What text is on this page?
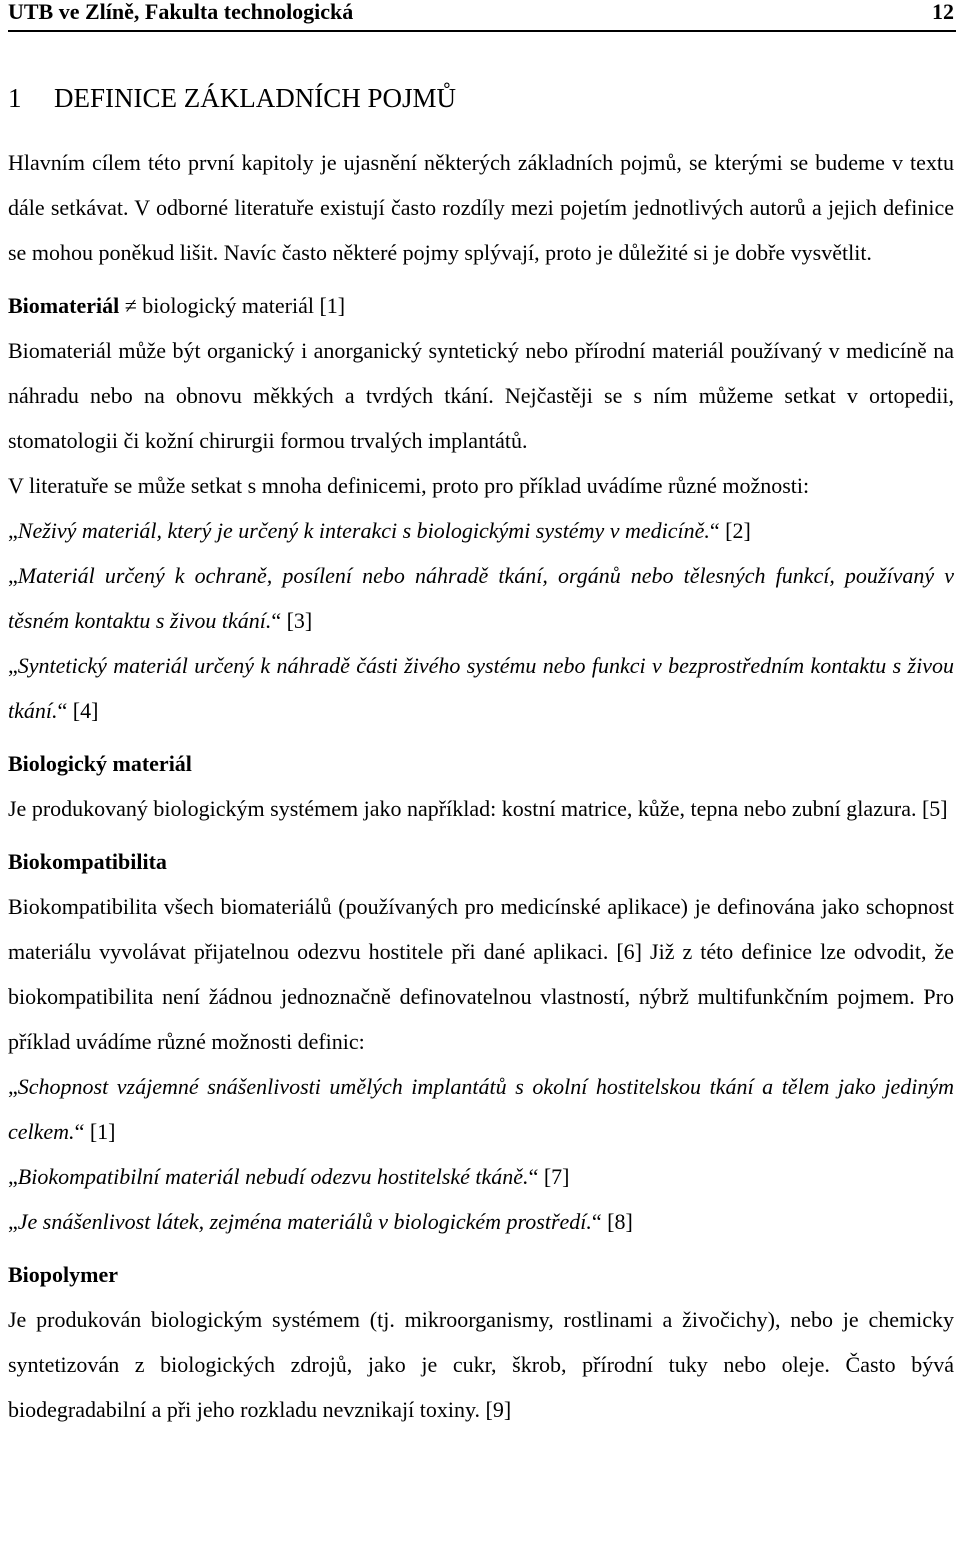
UTB ve Zlíně, Fakulta technologická	12
1 DEFINICE ZÁKLADNÍCH POJMŮ

Hlavním cílem této první kapitoly je ujasnění některých základních pojmů, se kterými se budeme v textu dále setkávat. V odborné literatuře existují často rozdíly mezi pojetím jednotlivých autorů a jejich definice se mohou poněkud lišit. Navíc často některé pojmy splývají, proto je důležité si je dobře vysvětlit.

Biomateriál ≠ biologický materiál [1]

Biomateriál může být organický i anorganický syntetický nebo přírodní materiál používaný v medicíně na náhradu nebo na obnovu měkkých a tvrdých tkání. Nejčastěji se s ním můžeme setkat v ortopedii, stomatologii či kožní chirurgii formou trvalých implantátů.

V literatuře se může setkat s mnoha definicemi, proto pro příklad uvádíme různé možnosti:

„Neživý materiál, který je určený k interakci s biologickými systémy v medicíně.“ [2]

„Materiál určený k ochraně, posílení nebo náhradě tkání, orgánů nebo tělesných funkcí, používaný v těsném kontaktu s živou tkání.“ [3]

„Syntetický materiál určený k náhradě části živého systému nebo funkci v bezprostředním kontaktu s živou tkání.“ [4]

Biologický materiál

Je produkovaný biologickým systémem jako například: kostní matrice, kůže, tepna nebo zubní glazura. [5]

Biokompatibilita

Biokompatibilita všech biomateriálů (používaných pro medicínské aplikace) je definována jako schopnost materiálu vyvolávat přijatelnou odezvu hostitele při dané aplikaci. [6] Již z této definice lze odvodit, že biokompatibilita není žádnou jednoznačně definovatelnou vlastností, nýbrž multifunkčním pojmem. Pro příklad uvádíme různé možnosti definic:

„Schopnost vzájemné snášenlivosti umělých implantátů s okolní hostitelskou tkání a tělem jako jediným celkem.“ [1]

„Biokompatibilní materiál nebudí odezvu hostitelské tkáně.“ [7]

„Je snášenlivost látek, zejména materiálů v biologickém prostředí.“ [8]

Biopolymer

Je produkován biologickým systémem (tj. mikroorganismy, rostlinami a živočichy), nebo je chemicky syntetizován z biologických zdrojů, jako je cukr, škrob, přírodní tuky nebo oleje. Často bývá biodegradabilní a při jeho rozkladu nevznikají toxiny. [9]
